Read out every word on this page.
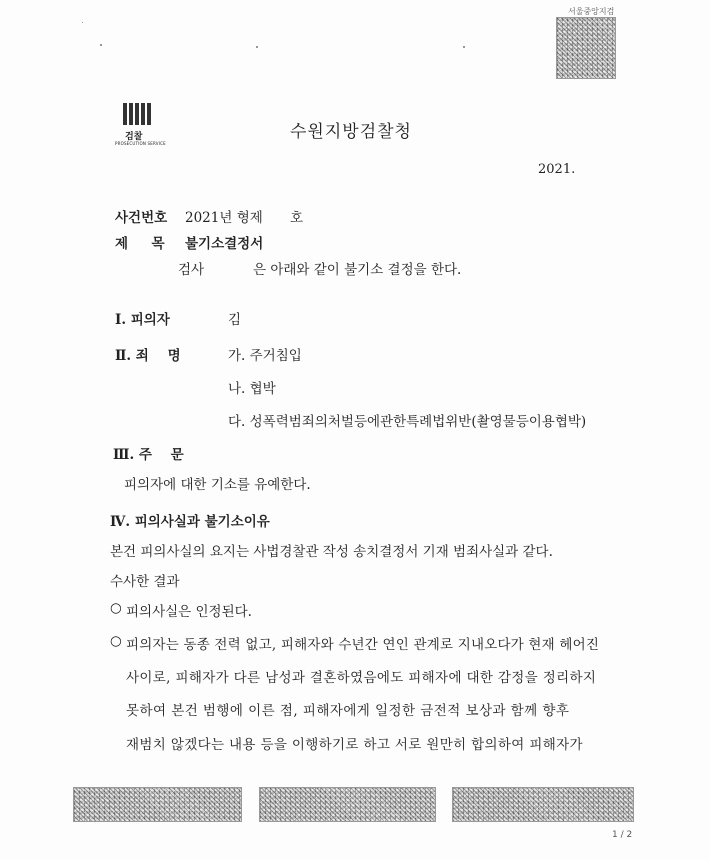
서울중앙지검
검찰
PROSECUTION SERVICE
수원지방검찰청
2021.
사건번호 2021년 형제 호
제     목 불기소결정서
검사	은 아래와 같이 불기소 결정을 한다.
Ⅰ. 피의자	김
Ⅱ. 죄    명	가. 주거침입
나. 협박
다. 성폭력범죄의처벌등에관한특례법위반(촬영물등이용협박)
Ⅲ. 주    문
피의자에 대한 기소를 유예한다.
Ⅳ. 피의사실과 불기소이유
본건 피의사실의 요지는 사법경찰관 작성 송치결정서 기재 범죄사실과 같다.
수사한 결과
○ 피의사실은 인정된다.
○ 피의자는 동종 전력 없고, 피해자와 수년간 연인 관계로 지내오다가 현재 헤어진
사이로, 피해자가 다른 남성과 결혼하였음에도 피해자에 대한 감정을 정리하지
못하여 본건 범행에 이른 점, 피해자에게 일정한 금전적 보상과 함께 향후
재범치 않겠다는 내용 등을 이행하기로 하고 서로 원만히 합의하여 피해자가
1 / 2
